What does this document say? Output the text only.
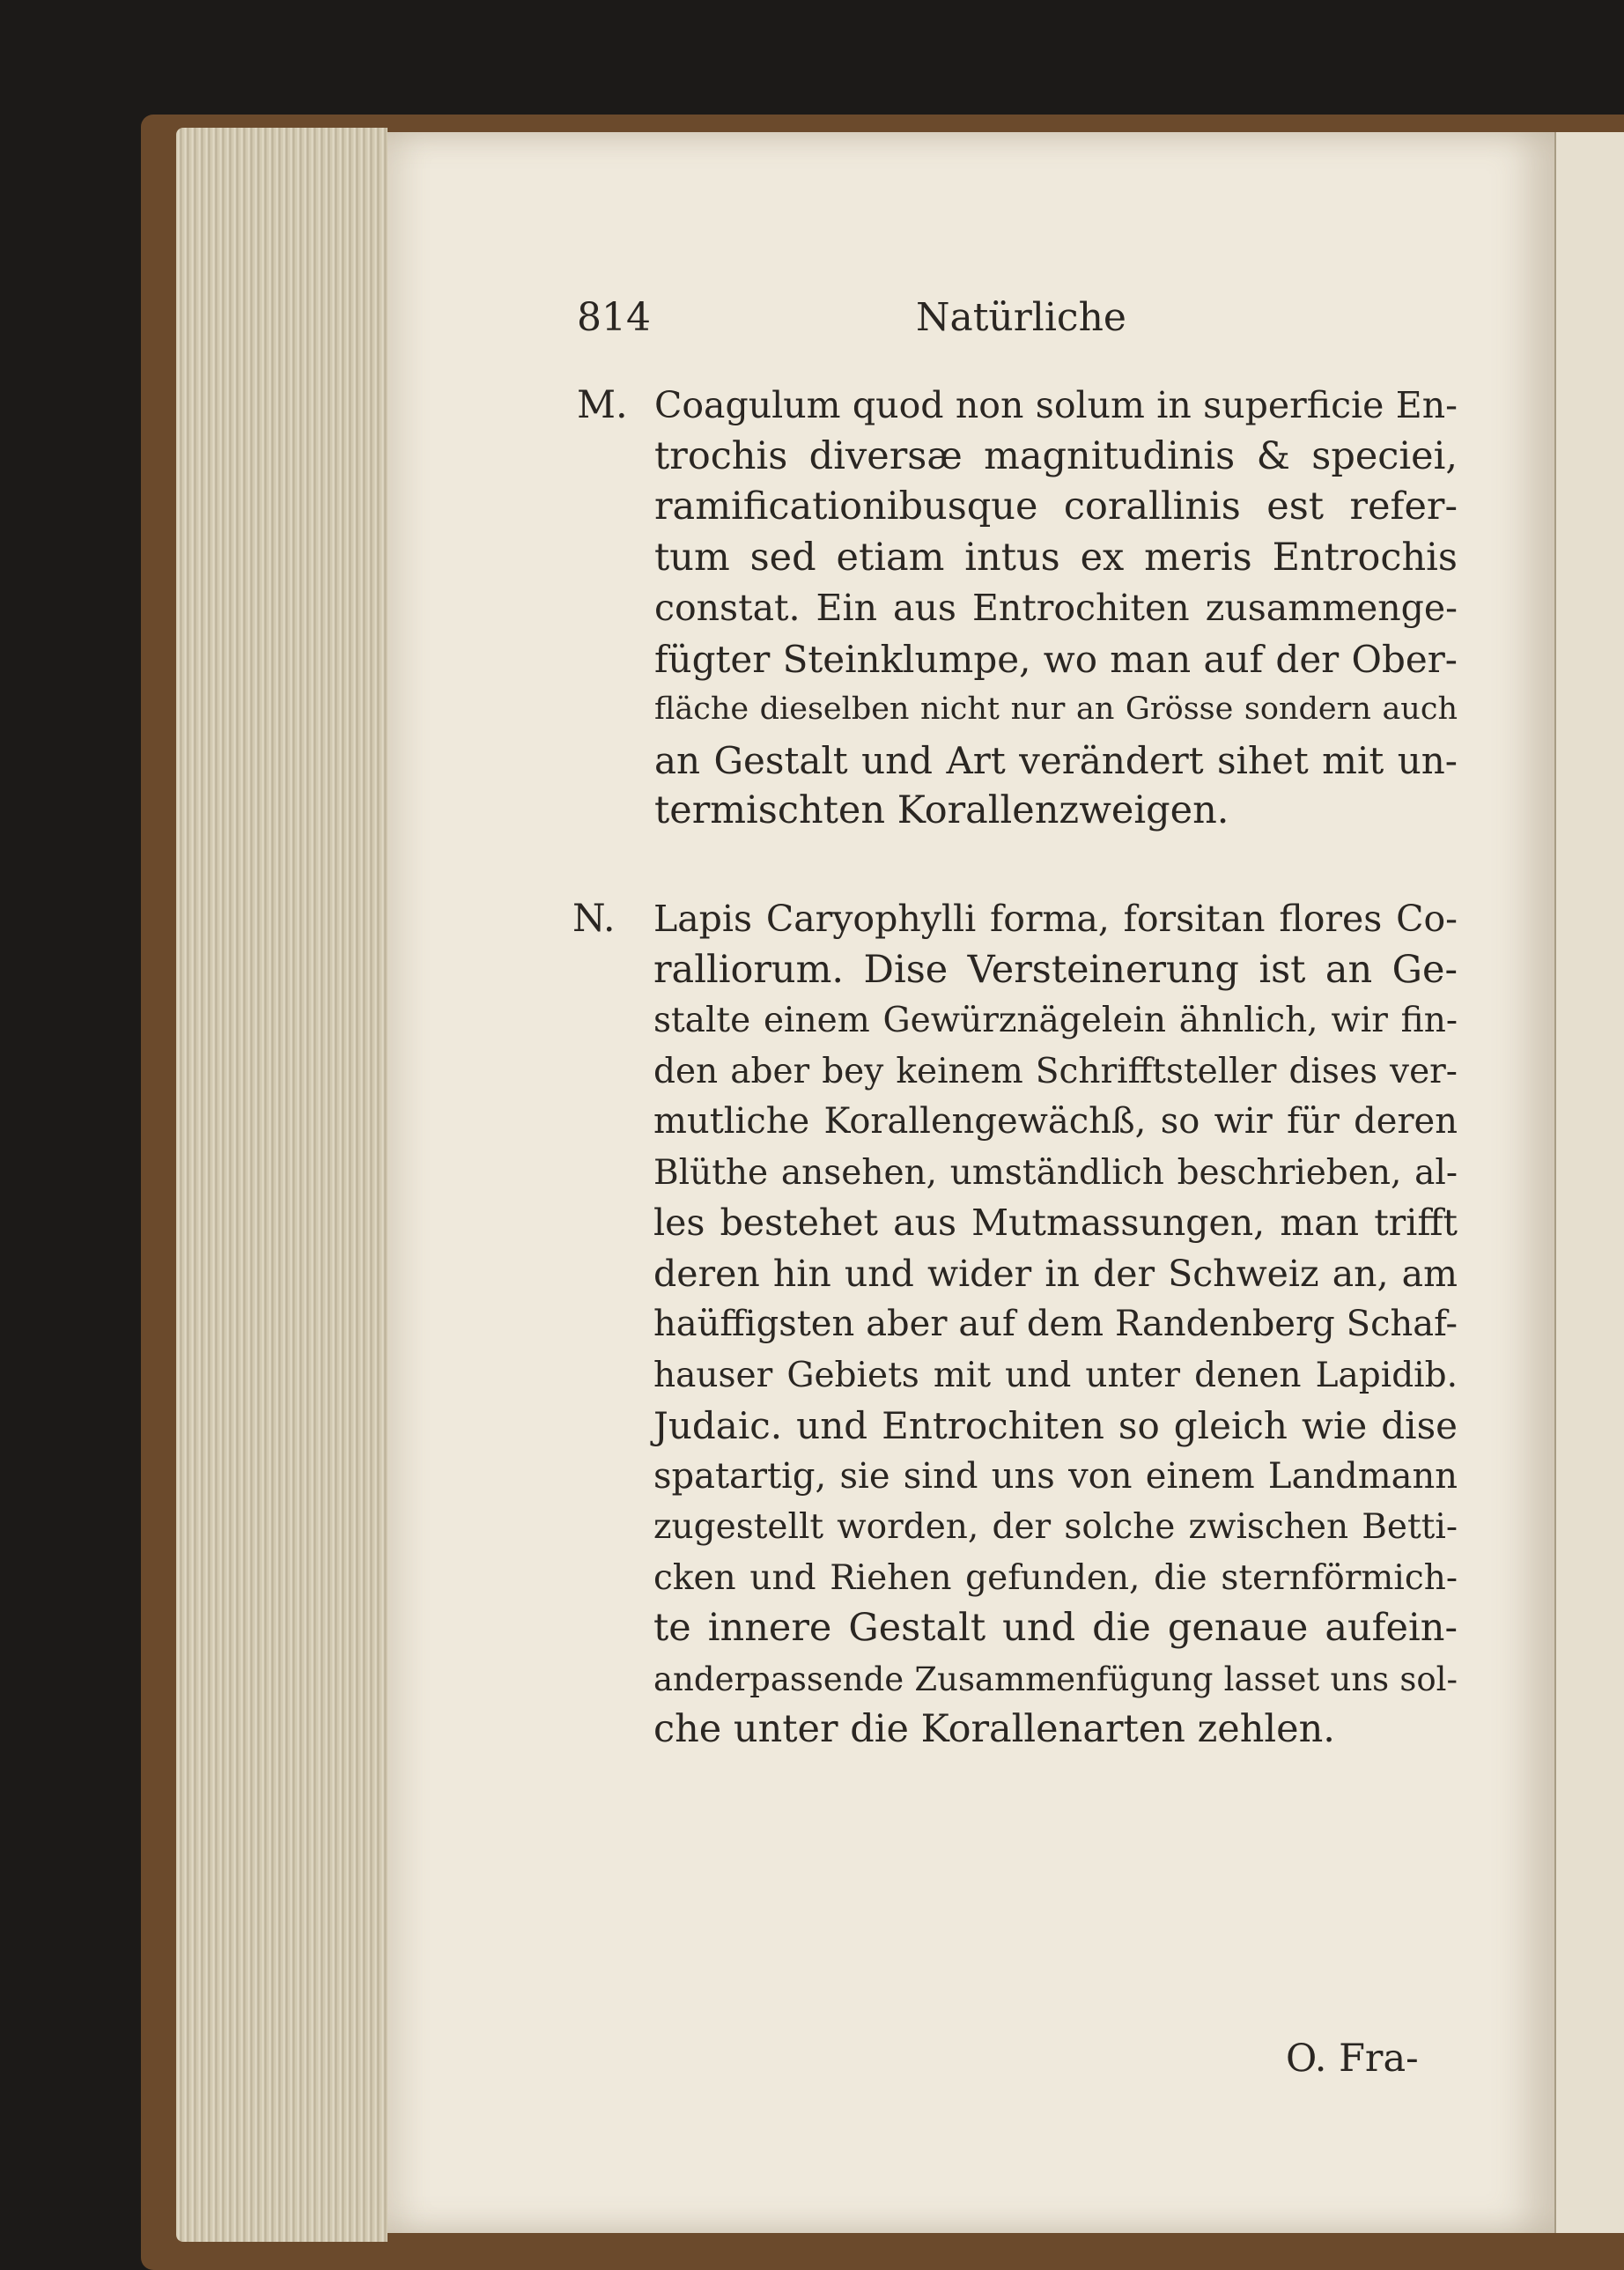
814	Natürliche
M. Coagulum quod non solum in superficie En-
trochis diversæ magnitudinis & speciei,
ramificationibusque corallinis est refer-
tum sed etiam intus ex meris Entrochis
constat. Ein aus Entrochiten zusammenge-
fügter Steinklumpe, wo man auf der Ober-
fläche dieselben nicht nur an Grösse sondern auch
an Gestalt und Art verändert sihet mit un-
termischten Korallenzweigen.
N. Lapis Caryophylli forma, forsitan flores Co-
ralliorum. Dise Versteinerung ist an Ge-
stalte einem Gewürznägelein ähnlich, wir fin-
den aber bey keinem Schrifftsteller dises ver-
mutliche Korallengewächß, so wir für deren
Blüthe ansehen, umständlich beschrieben, al-
les bestehet aus Mutmassungen, man trifft
deren hin und wider in der Schweiz an, am
haüffigsten aber auf dem Randenberg Schaf-
hauser Gebiets mit und unter denen Lapidib.
Judaic. und Entrochiten so gleich wie dise
spatartig, sie sind uns von einem Landmann
zugestellt worden, der solche zwischen Betti-
cken und Riehen gefunden, die sternförmich-
te innere Gestalt und die genaue aufein-
anderpassende Zusammenfügung lasset uns sol-
che unter die Korallenarten zehlen.
O. Fra-
